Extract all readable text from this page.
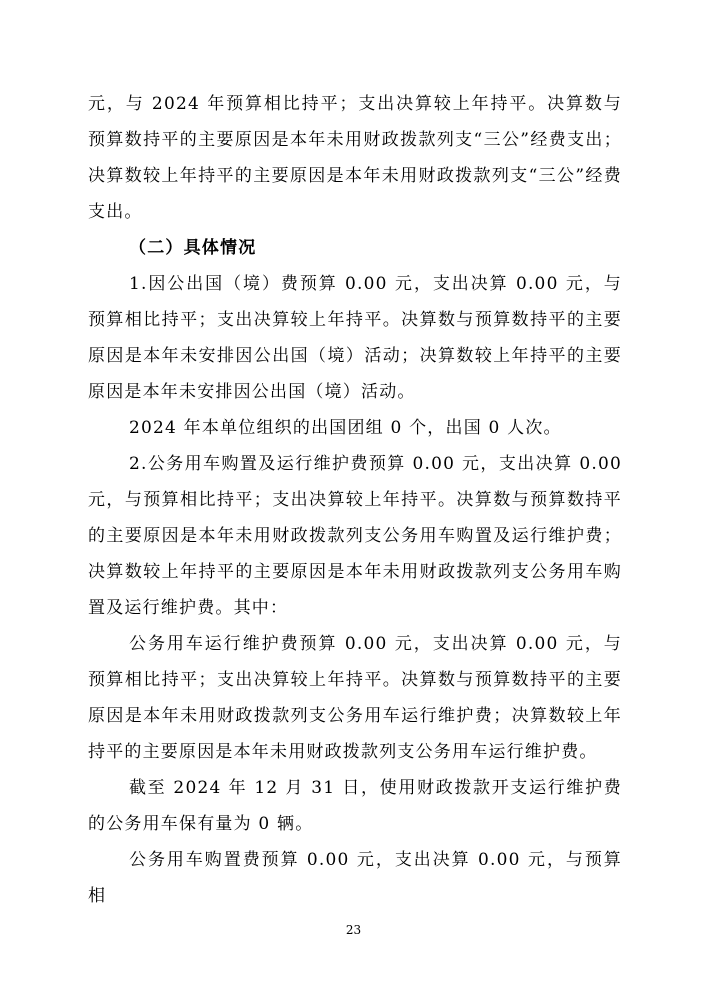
元，与 2024 年预算相比持平；支出决算较上年持平。决算数与预算数持平的主要原因是本年未用财政拨款列支“三公”经费支出；决算数较上年持平的主要原因是本年未用财政拨款列支“三公”经费支出。

（二）具体情况

1.因公出国（境）费预算 0.00 元，支出决算 0.00 元，与预算相比持平；支出决算较上年持平。决算数与预算数持平的主要原因是本年未安排因公出国（境）活动；决算数较上年持平的主要原因是本年未安排因公出国（境）活动。

2024 年本单位组织的出国团组 0 个，出国 0 人次。

2.公务用车购置及运行维护费预算 0.00 元，支出决算 0.00 元，与预算相比持平；支出决算较上年持平。决算数与预算数持平的主要原因是本年未用财政拨款列支公务用车购置及运行维护费；决算数较上年持平的主要原因是本年未用财政拨款列支公务用车购置及运行维护费。其中：

公务用车运行维护费预算 0.00 元，支出决算 0.00 元，与预算相比持平；支出决算较上年持平。决算数与预算数持平的主要原因是本年未用财政拨款列支公务用车运行维护费；决算数较上年持平的主要原因是本年未用财政拨款列支公务用车运行维护费。

截至 2024 年 12 月 31 日，使用财政拨款开支运行维护费的公务用车保有量为 0 辆。

公务用车购置费预算 0.00 元，支出决算 0.00 元，与预算相

23
